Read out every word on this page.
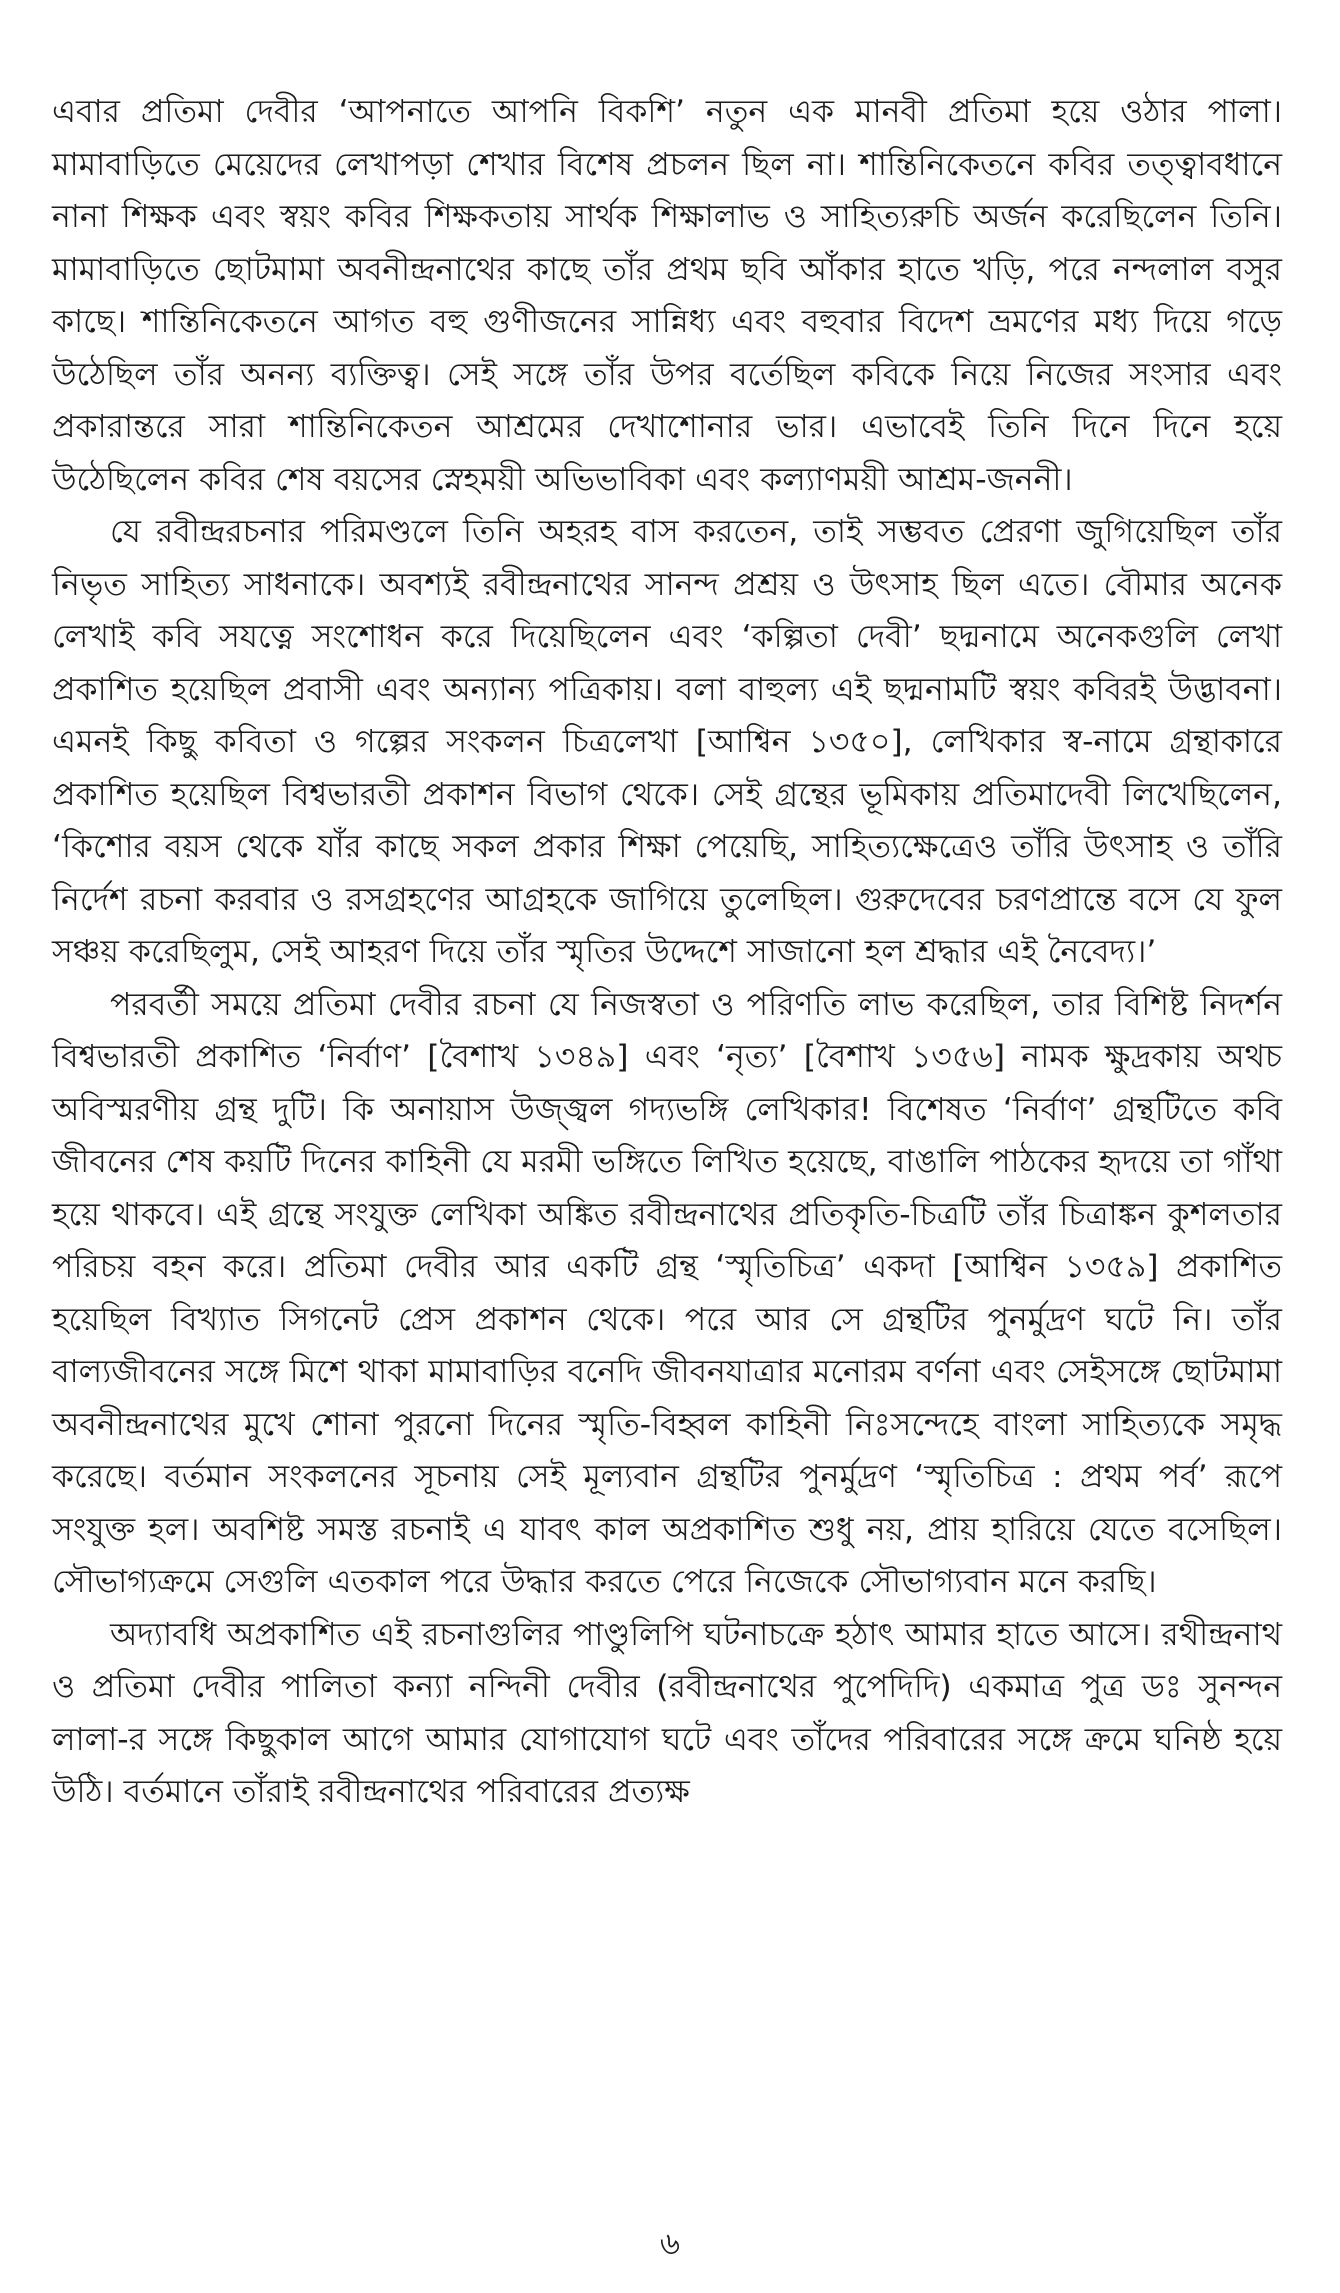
এবার প্রতিমা দেবীর ‘আপনাতে আপনি বিকশি’ নতুন এক মানবী প্রতিমা হয়ে ওঠার পালা। মামাবাড়িতে মেয়েদের লেখাপড়া শেখার বিশেষ প্রচলন ছিল না। শান্তিনিকেতনে কবির তত্ত্বাবধানে নানা শিক্ষক এবং স্বয়ং কবির শিক্ষকতায় সার্থক শিক্ষালাভ ও সাহিত্যরুচি অর্জন করেছিলেন তিনি। মামাবাড়িতে ছোটমামা অবনীন্দ্রনাথের কাছে তাঁর প্রথম ছবি আঁকার হাতে খড়ি, পরে নন্দলাল বসুর কাছে। শান্তিনিকেতনে আগত বহু গুণীজনের সান্নিধ্য এবং বহুবার বিদেশ ভ্রমণের মধ্য দিয়ে গড়ে উঠেছিল তাঁর অনন্য ব্যক্তিত্ব। সেই সঙ্গে তাঁর উপর বর্তেছিল কবিকে নিয়ে নিজের সংসার এবং প্রকারান্তরে সারা শান্তিনিকেতন আশ্রমের দেখাশোনার ভার। এভাবেই তিনি দিনে দিনে হয়ে উঠেছিলেন কবির শেষ বয়সের স্নেহময়ী অভিভাবিকা এবং কল্যাণময়ী আশ্রম-জননী।

যে রবীন্দ্ররচনার পরিমণ্ডলে তিনি অহরহ বাস করতেন, তাই সম্ভবত প্রেরণা জুগিয়েছিল তাঁর নিভৃত সাহিত্য সাধনাকে। অবশ্যই রবীন্দ্রনাথের সানন্দ প্রশ্রয় ও উৎসাহ ছিল এতে। বৌমার অনেক লেখাই কবি সযত্নে সংশোধন করে দিয়েছিলেন এবং ‘কল্পিতা দেবী’ ছদ্মনামে অনেকগুলি লেখা প্রকাশিত হয়েছিল প্রবাসী এবং অন্যান্য পত্রিকায়। বলা বাহুল্য এই ছদ্মনামটি স্বয়ং কবিরই উদ্ভাবনা। এমনই কিছু কবিতা ও গল্পের সংকলন চিত্রলেখা [আশ্বিন ১৩৫০], লেখিকার স্ব-নামে গ্রন্থাকারে প্রকাশিত হয়েছিল বিশ্বভারতী প্রকাশন বিভাগ থেকে। সেই গ্রন্থের ভূমিকায় প্রতিমাদেবী লিখেছিলেন, ‘কিশোর বয়স থেকে যাঁর কাছে সকল প্রকার শিক্ষা পেয়েছি, সাহিত্যক্ষেত্রেও তাঁরি উৎসাহ ও তাঁরি নির্দেশ রচনা করবার ও রসগ্রহণের আগ্রহকে জাগিয়ে তুলেছিল। গুরুদেবের চরণপ্রান্তে বসে যে ফুল সঞ্চয় করেছিলুম, সেই আহরণ দিয়ে তাঁর স্মৃতির উদ্দেশে সাজানো হল শ্রদ্ধার এই নৈবেদ্য।’

পরবর্তী সময়ে প্রতিমা দেবীর রচনা যে নিজস্বতা ও পরিণতি লাভ করেছিল, তার বিশিষ্ট নিদর্শন বিশ্বভারতী প্রকাশিত ‘নির্বাণ’ [বৈশাখ ১৩৪৯] এবং ‘নৃত্য’ [বৈশাখ ১৩৫৬] নামক ক্ষুদ্রকায় অথচ অবিস্মরণীয় গ্রন্থ দুটি। কি অনায়াস উজ্জ্বল গদ্যভঙ্গি লেখিকার! বিশেষত ‘নির্বাণ’ গ্রন্থটিতে কবি জীবনের শেষ কয়টি দিনের কাহিনী যে মরমী ভঙ্গিতে লিখিত হয়েছে, বাঙালি পাঠকের হৃদয়ে তা গাঁথা হয়ে থাকবে। এই গ্রন্থে সংযুক্ত লেখিকা অঙ্কিত রবীন্দ্রনাথের প্রতিকৃতি-চিত্রটি তাঁর চিত্রাঙ্কন কুশলতার পরিচয় বহন করে। প্রতিমা দেবীর আর একটি গ্রন্থ ‘স্মৃতিচিত্র’ একদা [আশ্বিন ১৩৫৯] প্রকাশিত হয়েছিল বিখ্যাত সিগনেট প্রেস প্রকাশন থেকে। পরে আর সে গ্রন্থটির পুনর্মুদ্রণ ঘটে নি। তাঁর বাল্যজীবনের সঙ্গে মিশে থাকা মামাবাড়ির বনেদি জীবনযাত্রার মনোরম বর্ণনা এবং সেইসঙ্গে ছোটমামা অবনীন্দ্রনাথের মুখে শোনা পুরনো দিনের স্মৃতি-বিহ্বল কাহিনী নিঃসন্দেহে বাংলা সাহিত্যকে সমৃদ্ধ করেছে। বর্তমান সংকলনের সূচনায় সেই মূল্যবান গ্রন্থটির পুনর্মুদ্রণ ‘স্মৃতিচিত্র : প্রথম পর্ব’ রূপে সংযুক্ত হল। অবশিষ্ট সমস্ত রচনাই এ যাবৎ কাল অপ্রকাশিত শুধু নয়, প্রায় হারিয়ে যেতে বসেছিল। সৌভাগ্যক্রমে সেগুলি এতকাল পরে উদ্ধার করতে পেরে নিজেকে সৌভাগ্যবান মনে করছি।

অদ্যাবধি অপ্রকাশিত এই রচনাগুলির পাণ্ডুলিপি ঘটনাচক্রে হঠাৎ আমার হাতে আসে। রথীন্দ্রনাথ ও প্রতিমা দেবীর পালিতা কন্যা নন্দিনী দেবীর (রবীন্দ্রনাথের পুপেদিদি) একমাত্র পুত্র ডঃ সুনন্দন লালা-র সঙ্গে কিছুকাল আগে আমার যোগাযোগ ঘটে এবং তাঁদের পরিবারের সঙ্গে ক্রমে ঘনিষ্ঠ হয়ে উঠি। বর্তমানে তাঁরাই রবীন্দ্রনাথের পরিবারের প্রত্যক্ষ

৬
